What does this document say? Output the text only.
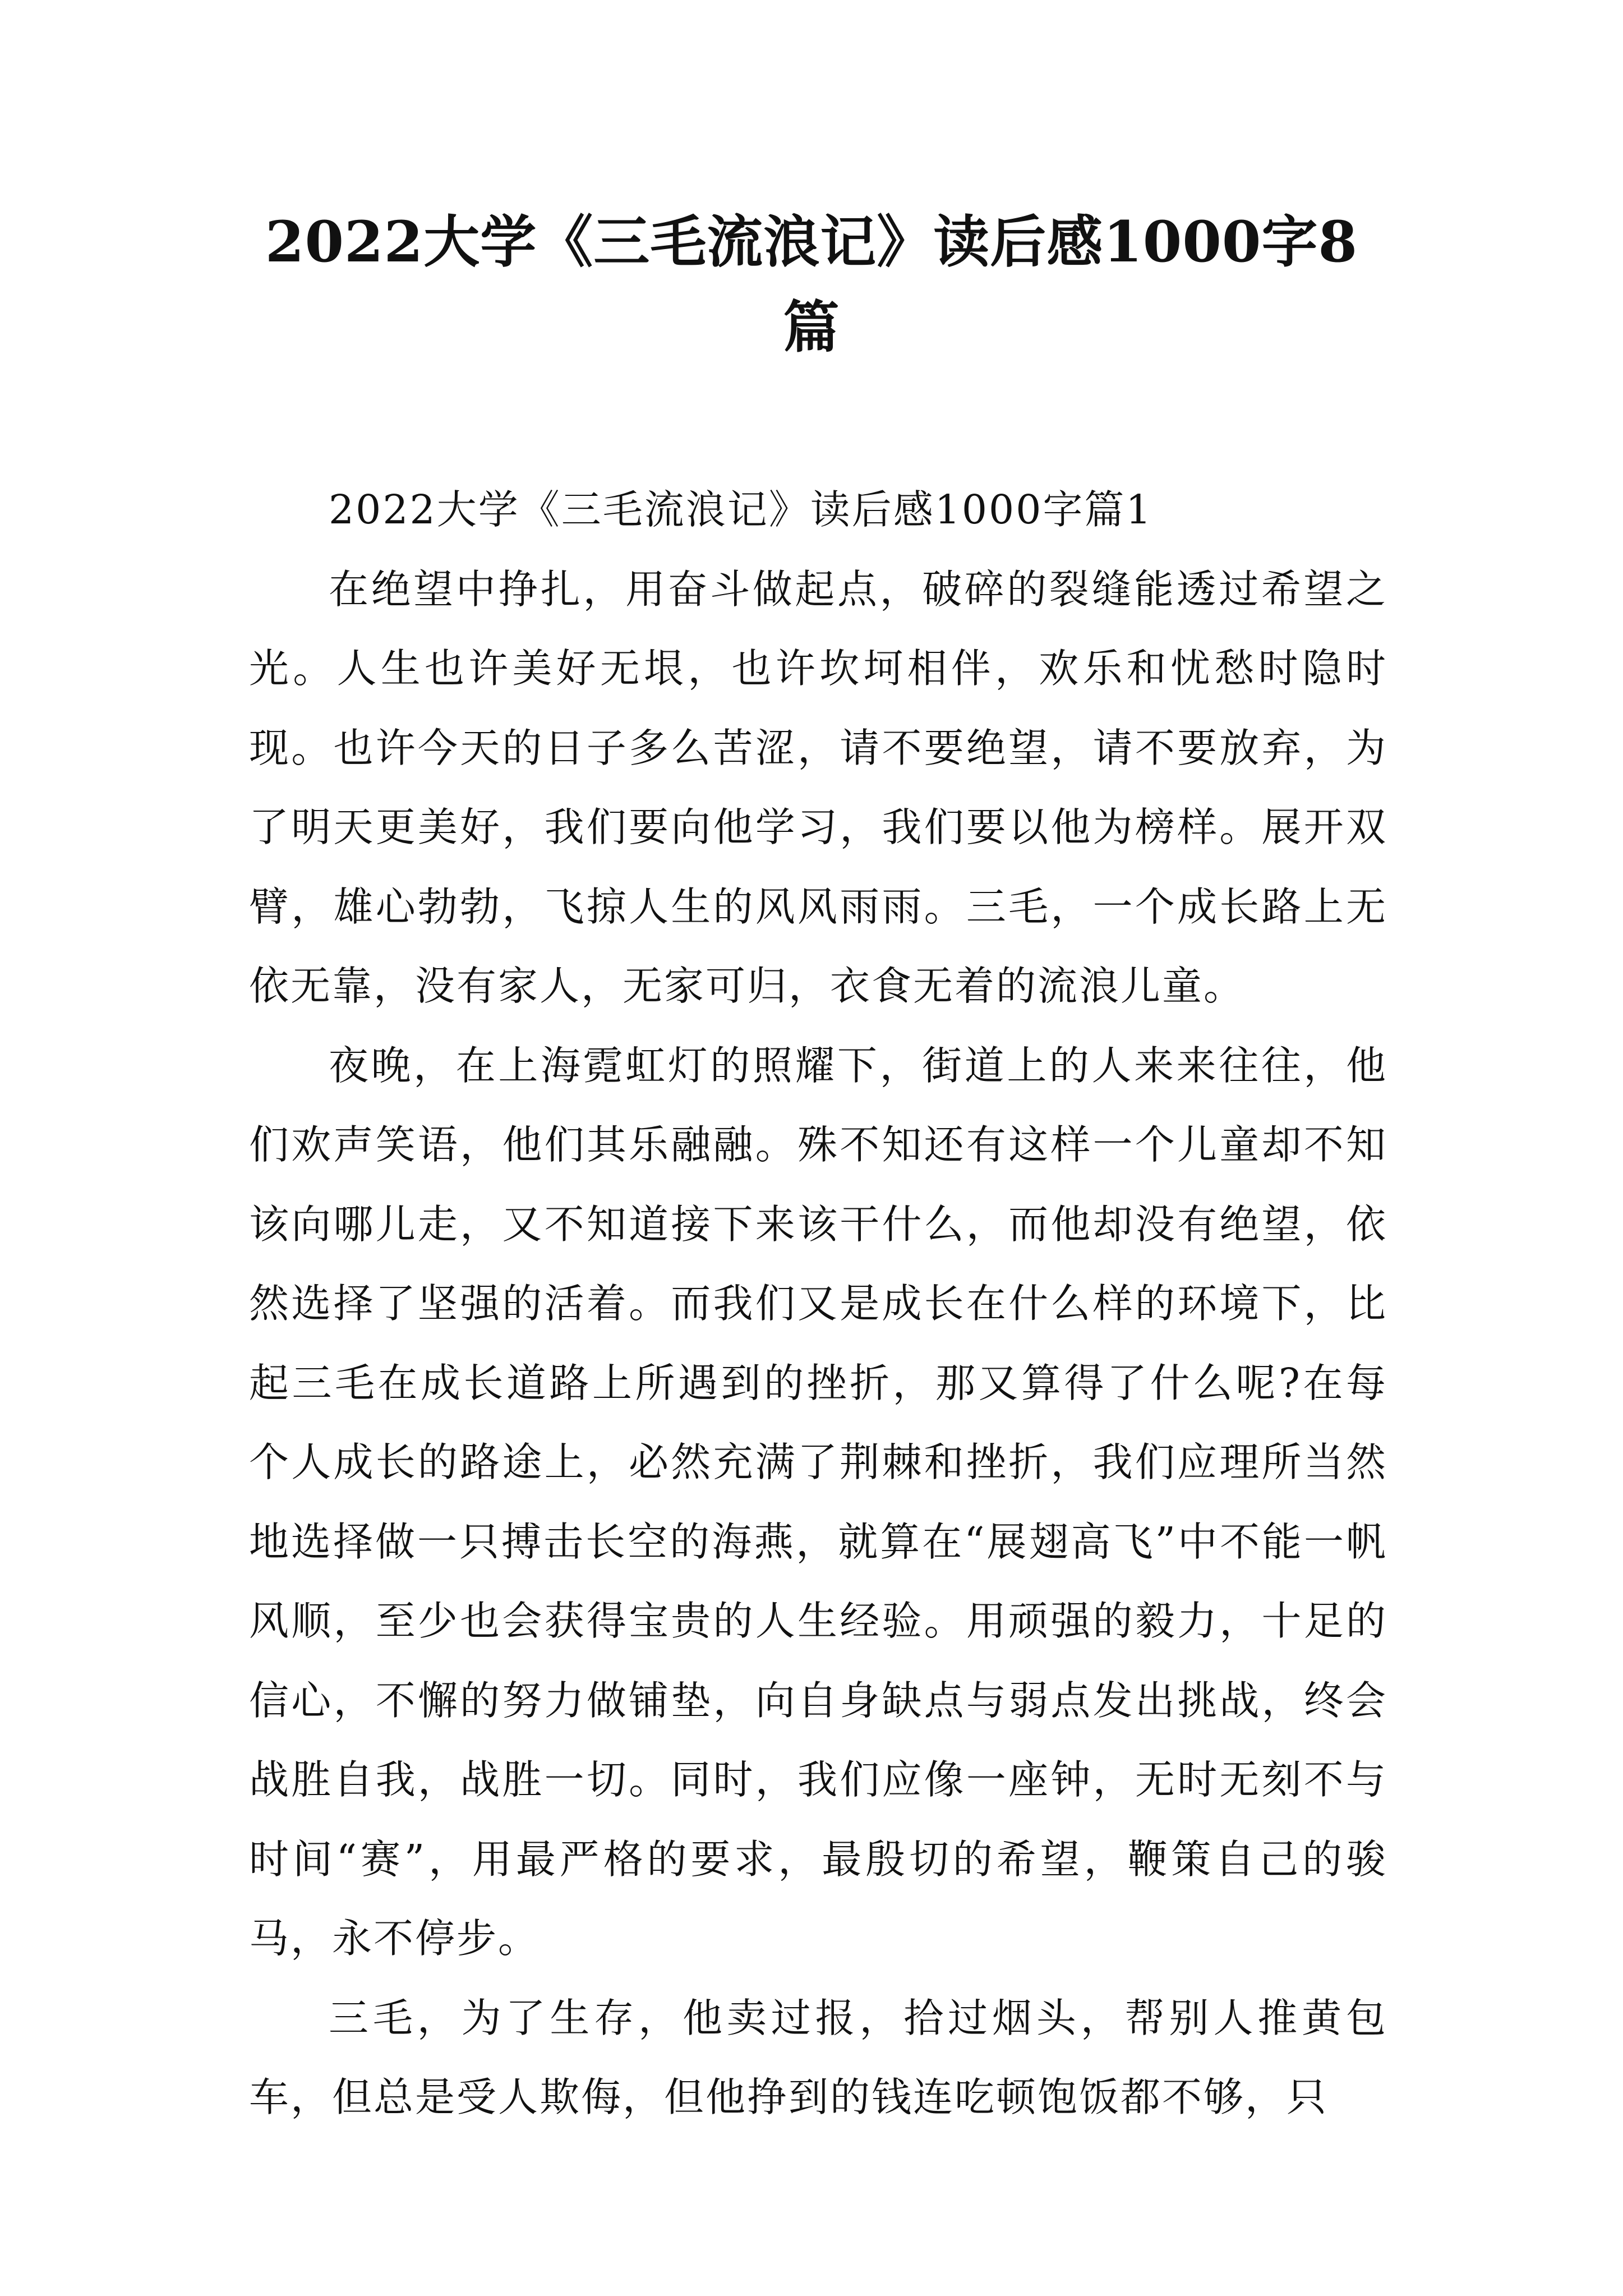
2022大学《三毛流浪记》读后感1000字8
篇

2022大学《三毛流浪记》读后感1000字篇1

在绝望中挣扎，用奋斗做起点，破碎的裂缝能透过希望之光。人生也许美好无垠，也许坎坷相伴，欢乐和忧愁时隐时现。也许今天的日子多么苦涩，请不要绝望，请不要放弃，为了明天更美好，我们要向他学习，我们要以他为榜样。展开双臂，雄心勃勃，飞掠人生的风风雨雨。三毛，一个成长路上无依无靠，没有家人，无家可归，衣食无着的流浪儿童。

夜晚，在上海霓虹灯的照耀下，街道上的人来来往往，他们欢声笑语，他们其乐融融。殊不知还有这样一个儿童却不知该向哪儿走，又不知道接下来该干什么，而他却没有绝望，依然选择了坚强的活着。而我们又是成长在什么样的环境下，比起三毛在成长道路上所遇到的挫折，那又算得了什么呢?在每个人成长的路途上，必然充满了荆棘和挫折，我们应理所当然地选择做一只搏击长空的海燕，就算在“展翅高飞”中不能一帆风顺，至少也会获得宝贵的人生经验。用顽强的毅力，十足的信心，不懈的努力做铺垫，向自身缺点与弱点发出挑战，终会战胜自我，战胜一切。同时，我们应像一座钟，无时无刻不与时间“赛”，用最严格的要求，最殷切的希望，鞭策自己的骏马，永不停步。

三毛，为了生存，他卖过报，拾过烟头，帮别人推黄包车，但总是受人欺侮，但他挣到的钱连吃顿饱饭都不够，只
